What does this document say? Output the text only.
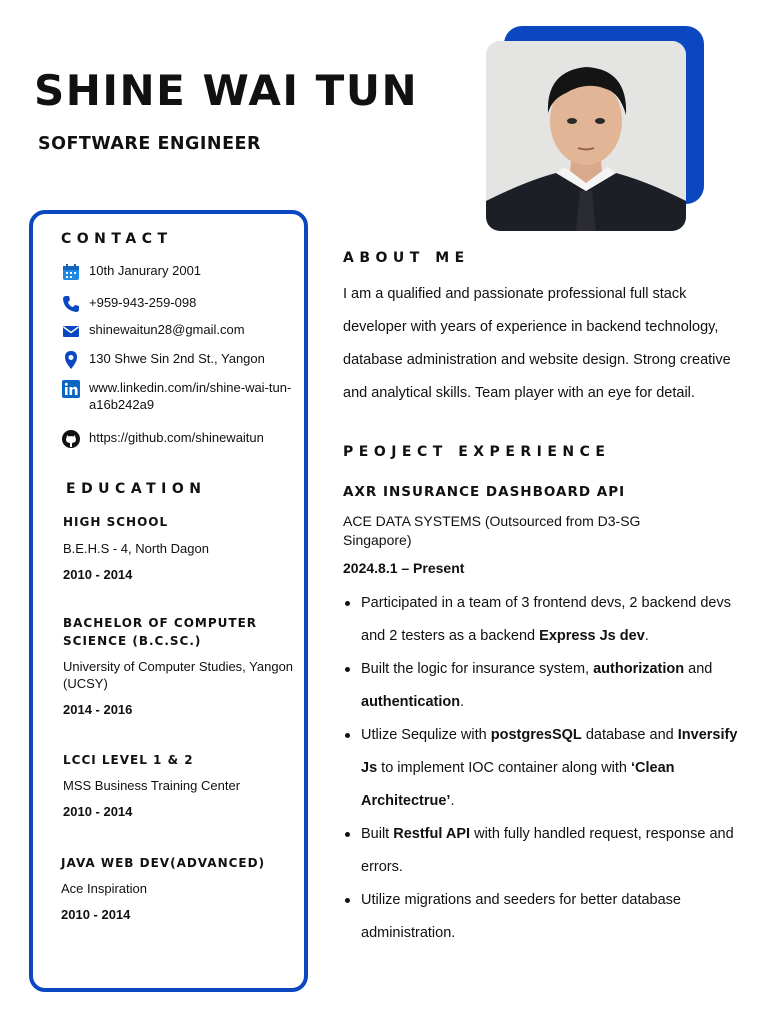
SHINE WAI TUN
SOFTWARE ENGINEER
CONTACT
10th Janurary 2001
+959-943-259-098
shinewaitun28@gmail.com
130 Shwe Sin 2nd St., Yangon
www.linkedin.com/in/shine-wai-tun-a16b242a9
https://github.com/shinewaitun
EDUCATION

HIGH SCHOOL

B.E.H.S - 4, North Dagon
2010 - 2014

BACHELOR OF COMPUTER SCIENCE (B.C.SC.)

University of Computer Studies, Yangon (UCSY)
2014 - 2016

LCCI LEVEL 1 & 2

MSS Business Training Center
2010 - 2014

JAVA WEB DEV(ADVANCED)

Ace Inspiration
2010 - 2014
ABOUT ME

I am a qualified and passionate professional full stack developer with years of experience in backend technology, database administration and website design. Strong creative and analytical skills. Team player with an eye for detail.

PEOJECT EXPERIENCE

AXR INSURANCE DASHBOARD API

ACE DATA SYSTEMS (Outsourced from D3-SG Singapore)
2024.8.1 – Present
Participated in a team of 3 frontend devs, 2 backend devs and 2 testers as a backend Express Js dev.
Built the logic for insurance system, authorization and authentication.
Utlize Sequlize with postgresSQL database and Inversify Js to implement IOC container along with ‘Clean Architectrue’.
Built Restful API with fully handled request, response and errors.
Utilize migrations and seeders for better database administration.
